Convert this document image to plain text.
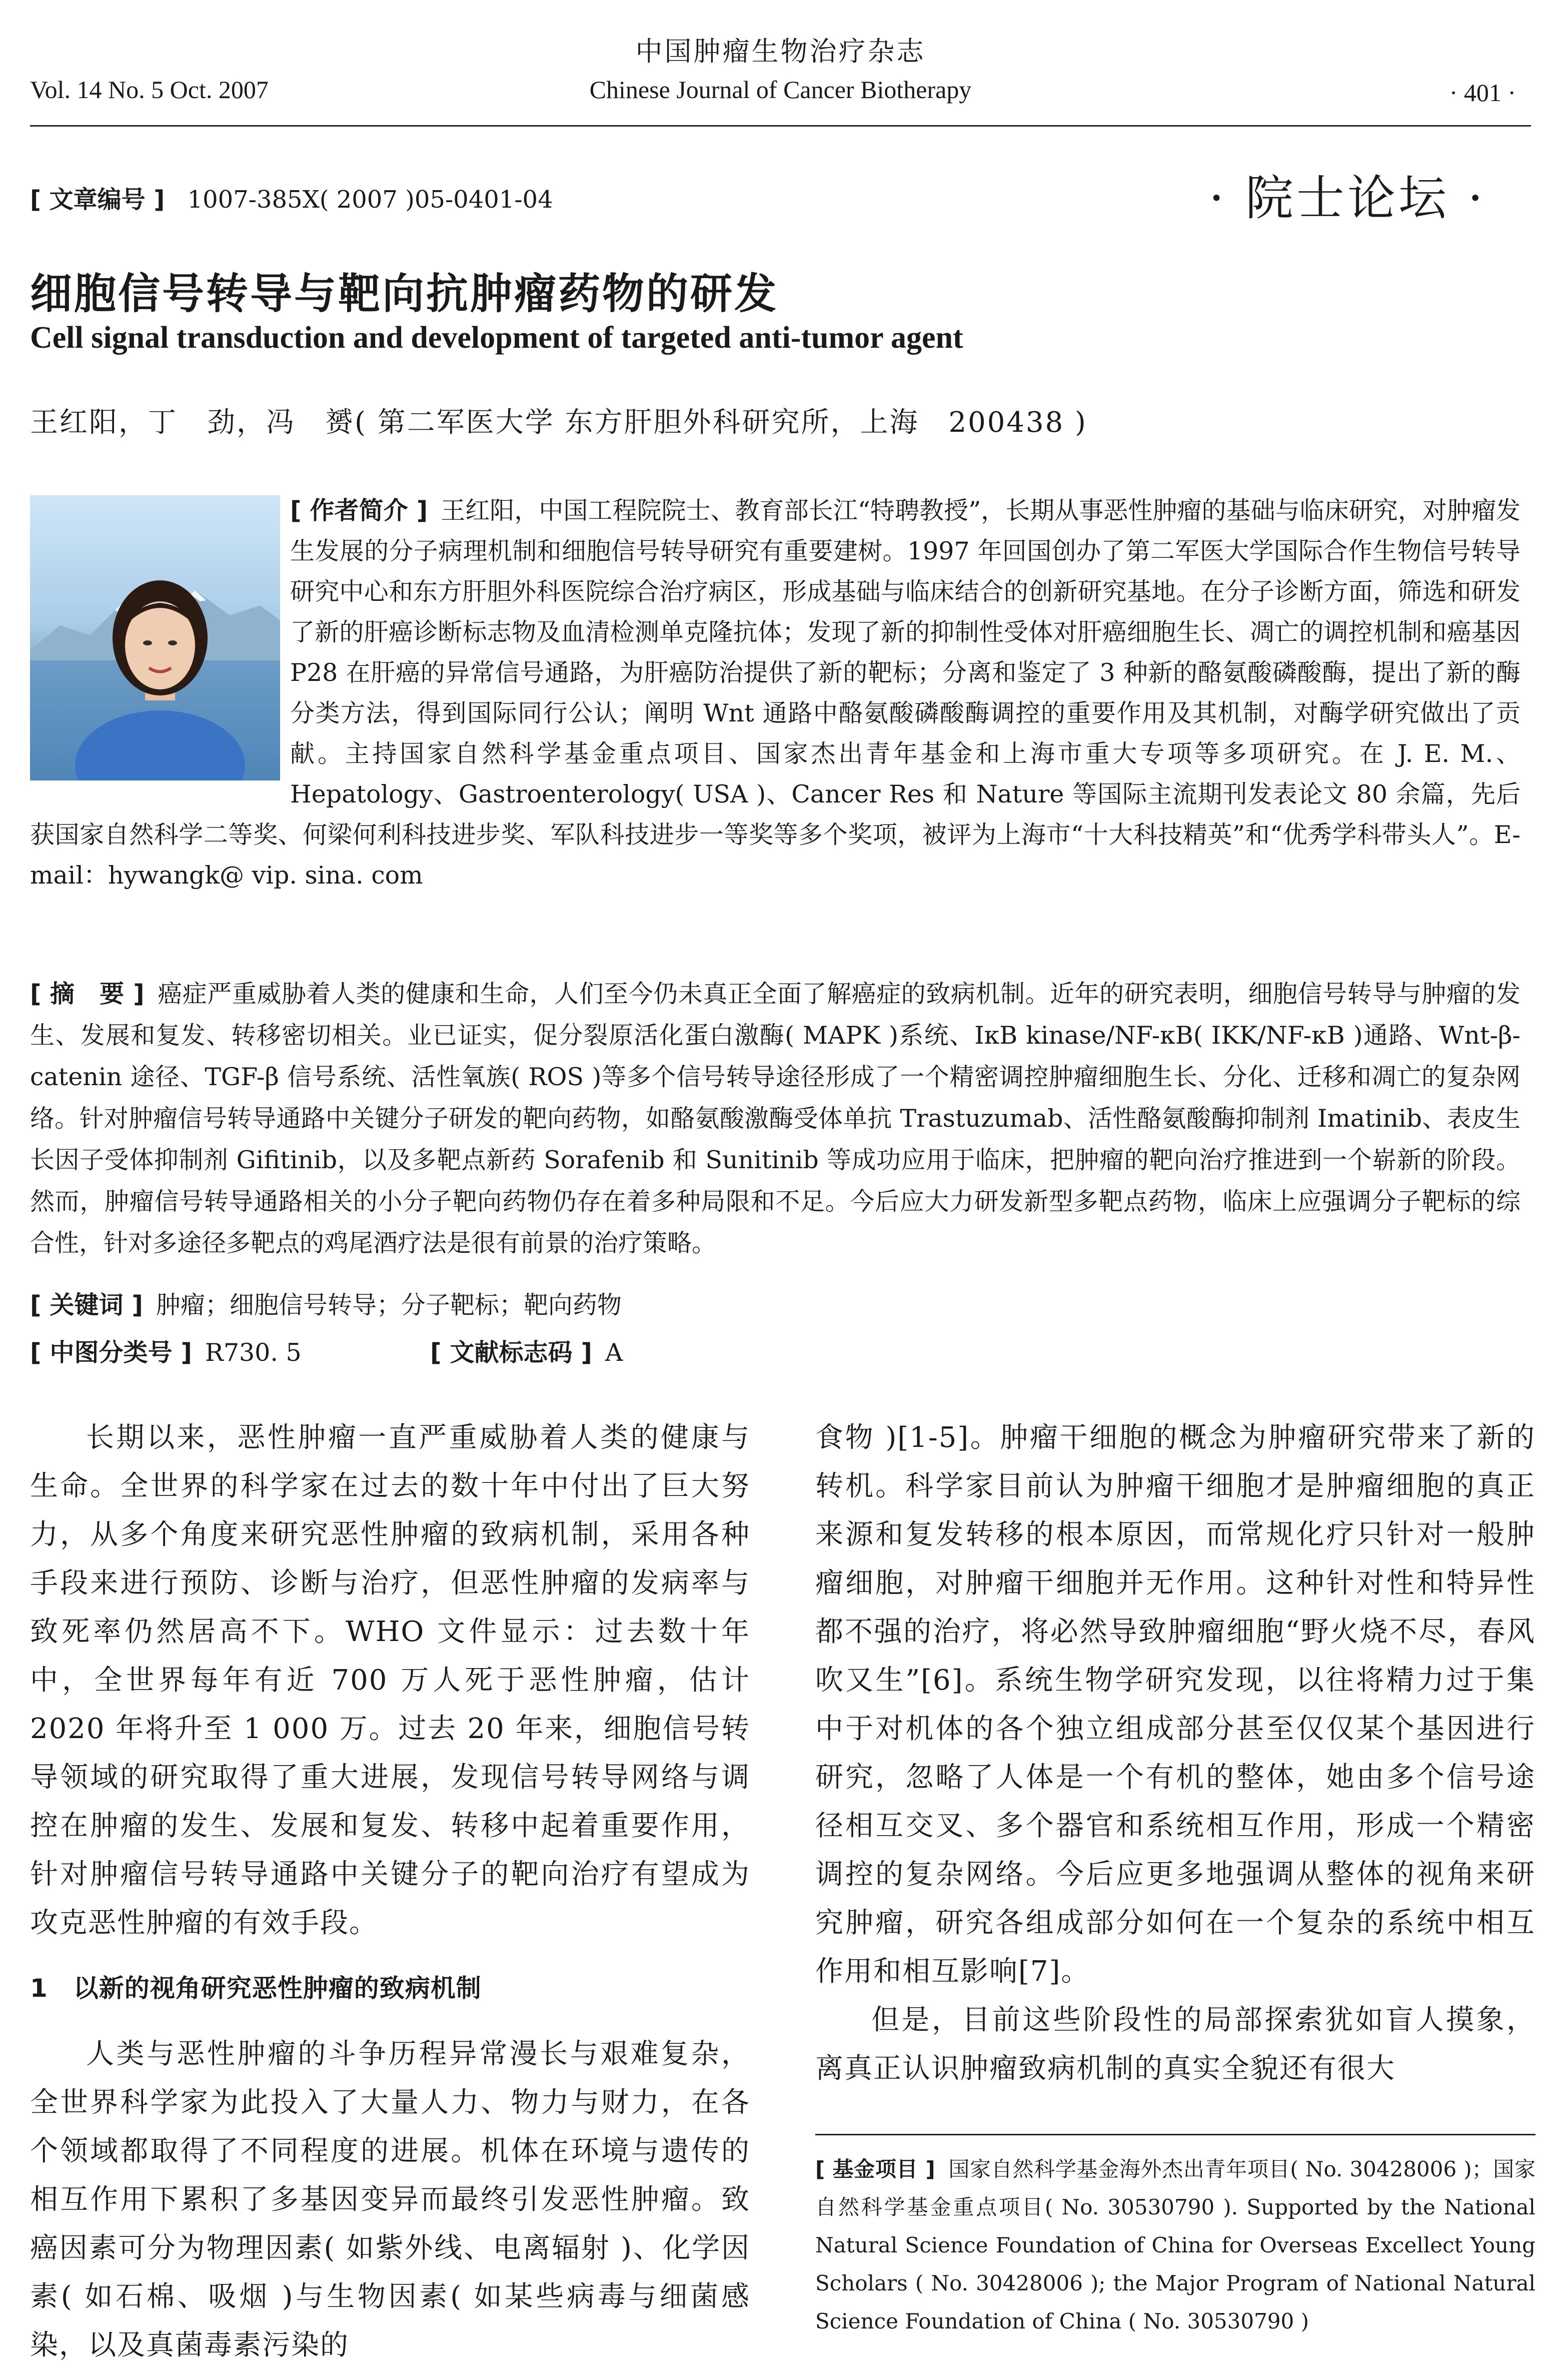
中国肿瘤生物治疗杂志
Vol. 14 No. 5 Oct. 2007	Chinese Journal of Cancer Biotherapy	· 401 ·
[ 文章编号 ] 1007-385X( 2007 )05-0401-04	· 院士论坛 ·
细胞信号转导与靶向抗肿瘤药物的研发
Cell signal transduction and development of targeted anti-tumor agent
王红阳，丁　劲，冯　赟( 第二军医大学 东方肝胆外科研究所，上海　200438 )
[ 作者简介 ] 王红阳，中国工程院院士、教育部长江“特聘教授”，长期从事恶性肿瘤的基础与临床研究，对肿瘤发生发展的分子病理机制和细胞信号转导研究有重要建树。1997 年回国创办了第二军医大学国际合作生物信号转导研究中心和东方肝胆外科医院综合治疗病区，形成基础与临床结合的创新研究基地。在分子诊断方面，筛选和研发了新的肝癌诊断标志物及血清检测单克隆抗体；发现了新的抑制性受体对肝癌细胞生长、凋亡的调控机制和癌基因 P28 在肝癌的异常信号通路，为肝癌防治提供了新的靶标；分离和鉴定了 3 种新的酪氨酸磷酸酶，提出了新的酶分类方法，得到国际同行公认；阐明 Wnt 通路中酪氨酸磷酸酶调控的重要作用及其机制，对酶学研究做出了贡献。主持国家自然科学基金重点项目、国家杰出青年基金和上海市重大专项等多项研究。在 J. E. M.、Hepatology、Gastroenterology( USA )、Cancer Res 和 Nature 等国际主流期刊发表论文 80 余篇，先后获国家自然科学二等奖、何梁何利科技进步奖、军队科技进步一等奖等多个奖项，被评为上海市“十大科技精英”和“优秀学科带头人”。E-mail：hywangk@ vip. sina. com
[ 摘　要 ] 癌症严重威胁着人类的健康和生命，人们至今仍未真正全面了解癌症的致病机制。近年的研究表明，细胞信号转导与肿瘤的发生、发展和复发、转移密切相关。业已证实，促分裂原活化蛋白激酶( MAPK )系统、IκB kinase/NF-κB( IKK/NF-κB )通路、Wnt-β-catenin 途径、TGF-β 信号系统、活性氧族( ROS )等多个信号转导途径形成了一个精密调控肿瘤细胞生长、分化、迁移和凋亡的复杂网络。针对肿瘤信号转导通路中关键分子研发的靶向药物，如酪氨酸激酶受体单抗 Trastuzumab、活性酪氨酸酶抑制剂 Imatinib、表皮生长因子受体抑制剂 Gifitinib，以及多靶点新药 Sorafenib 和 Sunitinib 等成功应用于临床，把肿瘤的靶向治疗推进到一个崭新的阶段。然而，肿瘤信号转导通路相关的小分子靶向药物仍存在着多种局限和不足。今后应大力研发新型多靶点药物，临床上应强调分子靶标的综合性，针对多途径多靶点的鸡尾酒疗法是很有前景的治疗策略。
[ 关键词 ] 肿瘤；细胞信号转导；分子靶标；靶向药物
[ 中图分类号 ] R730. 5	[ 文献标志码 ] A

长期以来，恶性肿瘤一直严重威胁着人类的健康与生命。全世界的科学家在过去的数十年中付出了巨大努力，从多个角度来研究恶性肿瘤的致病机制，采用各种手段来进行预防、诊断与治疗，但恶性肿瘤的发病率与致死率仍然居高不下。WHO 文件显示：过去数十年中，全世界每年有近 700 万人死于恶性肿瘤，估计 2020 年将升至 1 000 万。过去 20 年来，细胞信号转导领域的研究取得了重大进展，发现信号转导网络与调控在肿瘤的发生、发展和复发、转移中起着重要作用，针对肿瘤信号转导通路中关键分子的靶向治疗有望成为攻克恶性肿瘤的有效手段。

1　以新的视角研究恶性肿瘤的致病机制

人类与恶性肿瘤的斗争历程异常漫长与艰难复杂，全世界科学家为此投入了大量人力、物力与财力，在各个领域都取得了不同程度的进展。机体在环境与遗传的相互作用下累积了多基因变异而最终引发恶性肿瘤。致癌因素可分为物理因素( 如紫外线、电离辐射 )、化学因素( 如石棉、吸烟 )与生物因素( 如某些病毒与细菌感染，以及真菌毒素污染的

食物 )[1-5]。肿瘤干细胞的概念为肿瘤研究带来了新的转机。科学家目前认为肿瘤干细胞才是肿瘤细胞的真正来源和复发转移的根本原因，而常规化疗只针对一般肿瘤细胞，对肿瘤干细胞并无作用。这种针对性和特异性都不强的治疗，将必然导致肿瘤细胞“野火烧不尽，春风吹又生”[6]。系统生物学研究发现，以往将精力过于集中于对机体的各个独立组成部分甚至仅仅某个基因进行研究，忽略了人体是一个有机的整体，她由多个信号途径相互交叉、多个器官和系统相互作用，形成一个精密调控的复杂网络。今后应更多地强调从整体的视角来研究肿瘤，研究各组成部分如何在一个复杂的系统中相互作用和相互影响[7]。

但是，目前这些阶段性的局部探索犹如盲人摸象，离真正认识肿瘤致病机制的真实全貌还有很大

[ 基金项目 ] 国家自然科学基金海外杰出青年项目( No. 30428006 )；国家自然科学基金重点项目( No. 30530790 ). Supported by the National Natural Science Foundation of China for Overseas Excellect Young Scholars ( No. 30428006 ); the Major Program of National Natural Science Foundation of China ( No. 30530790 )
